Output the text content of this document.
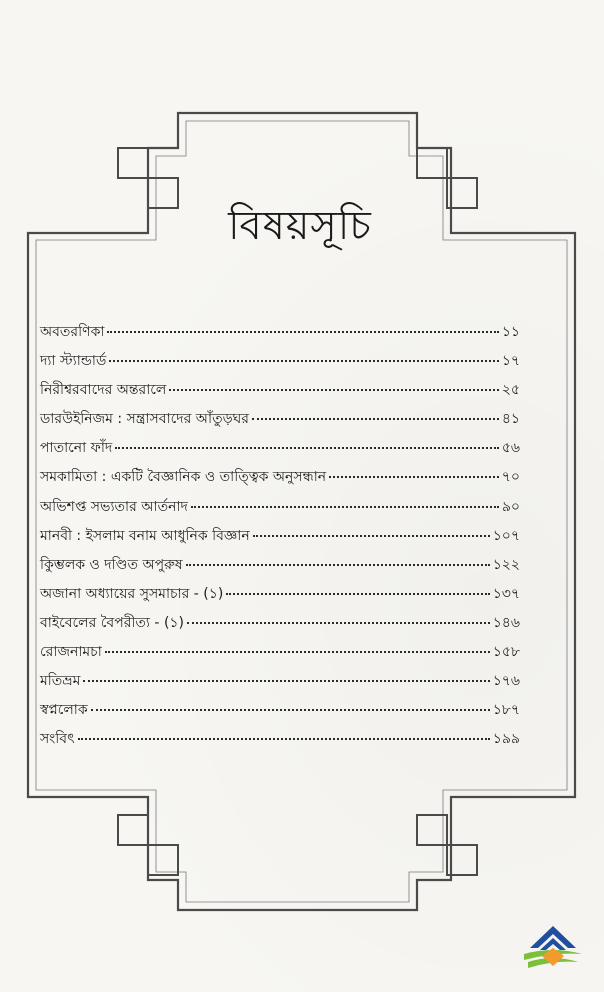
বিষয়সূচি
অবতরণিকা	১১
দ্যা স্ট্যান্ডার্ড	১৭
নিরীশ্বরবাদের অন্তরালে	২৫
ডারউইনিজম : সন্ত্রাসবাদের আঁতুড়ঘর	৪১
পাতানো ফাঁদ	৫৬
সমকামিতা : একটি বৈজ্ঞানিক ও তাত্ত্বিক অনুসন্ধান	৭০
অভিশপ্ত সভ্যতার আর্তনাদ	৯০
মানবী : ইসলাম বনাম আধুনিক বিজ্ঞান	১০৭
কুিম্ভলক ও দণ্ডিত অপুরুষ	১২২
অজানা অধ্যায়ের সুসমাচার - (১)	১৩৭
বাইবেলের বৈপরীত্য - (১)	১৪৬
রোজনামচা	১৫৮
মতিভ্রম	১৭৬
স্বপ্নলোক	১৮৭
সংবিৎ	১৯৯
